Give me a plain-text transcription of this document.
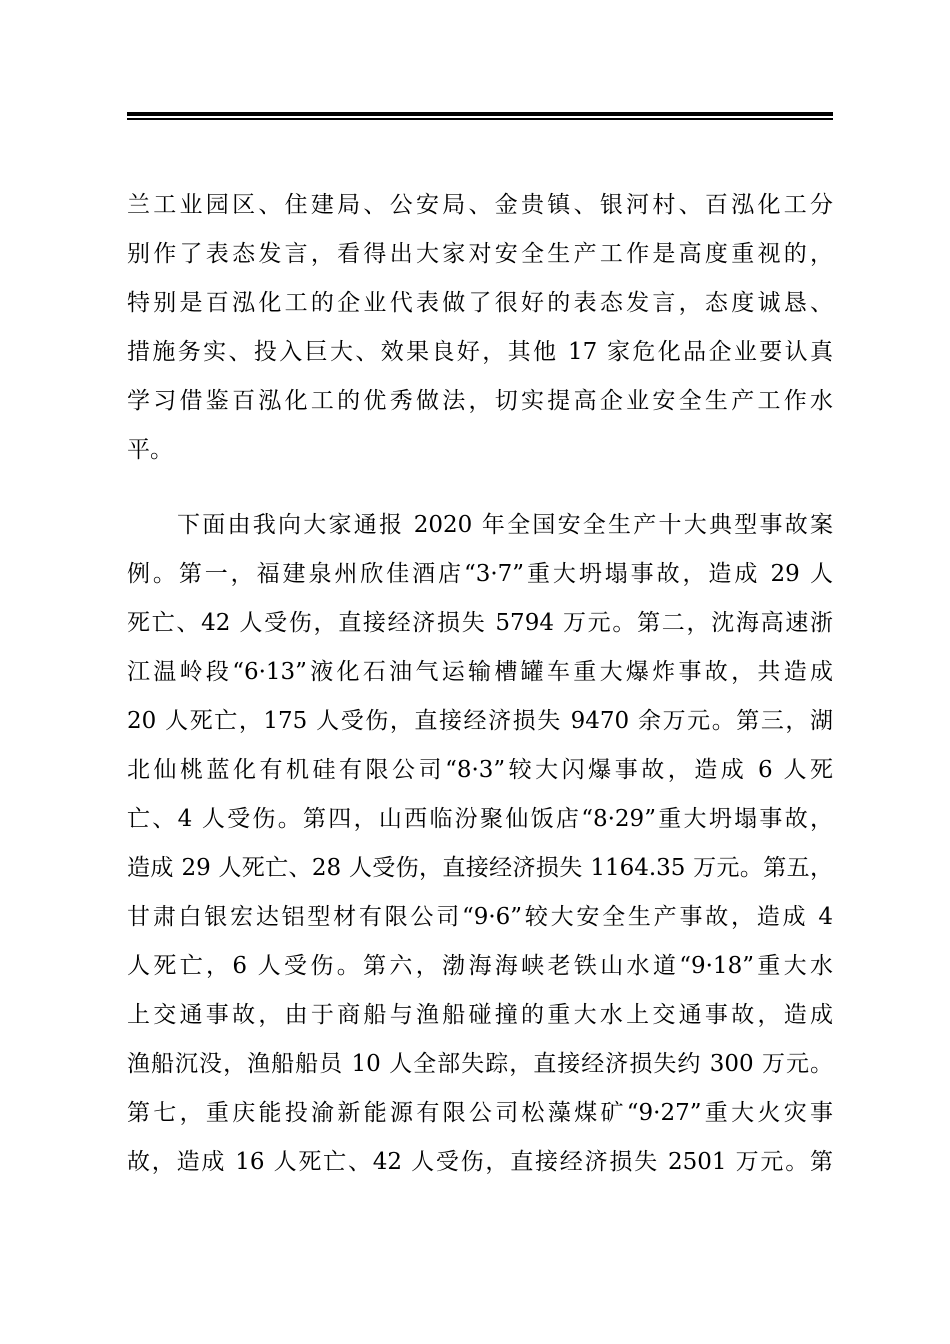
兰工业园区、住建局、公安局、金贵镇、银河村、百泓化工分
别作了表态发言，看得出大家对安全生产工作是高度重视的，
特别是百泓化工的企业代表做了很好的表态发言，态度诚恳、
措施务实、投入巨大、效果良好，其他 17 家危化品企业要认真
学习借鉴百泓化工的优秀做法，切实提高企业安全生产工作水
平。
下面由我向大家通报 2020 年全国安全生产十大典型事故案
例。第一，福建泉州欣佳酒店“3·7”重大坍塌事故，造成 29 人
死亡、42 人受伤，直接经济损失 5794 万元。第二，沈海高速浙
江温岭段“6·13”液化石油气运输槽罐车重大爆炸事故，共造成
20 人死亡，175 人受伤，直接经济损失 9470 余万元。第三，湖
北仙桃蓝化有机硅有限公司“8·3”较大闪爆事故，造成 6 人死
亡、4 人受伤。第四，山西临汾聚仙饭店“8·29”重大坍塌事故，
造成 29 人死亡、28 人受伤，直接经济损失 1164.35 万元。第五，
甘肃白银宏达铝型材有限公司“9·6”较大安全生产事故，造成 4
人死亡，6 人受伤。第六，渤海海峡老铁山水道“9·18”重大水
上交通事故，由于商船与渔船碰撞的重大水上交通事故，造成
渔船沉没，渔船船员 10 人全部失踪，直接经济损失约 300 万元。
第七，重庆能投渝新能源有限公司松藻煤矿“9·27”重大火灾事
故，造成 16 人死亡、42 人受伤，直接经济损失 2501 万元。第
